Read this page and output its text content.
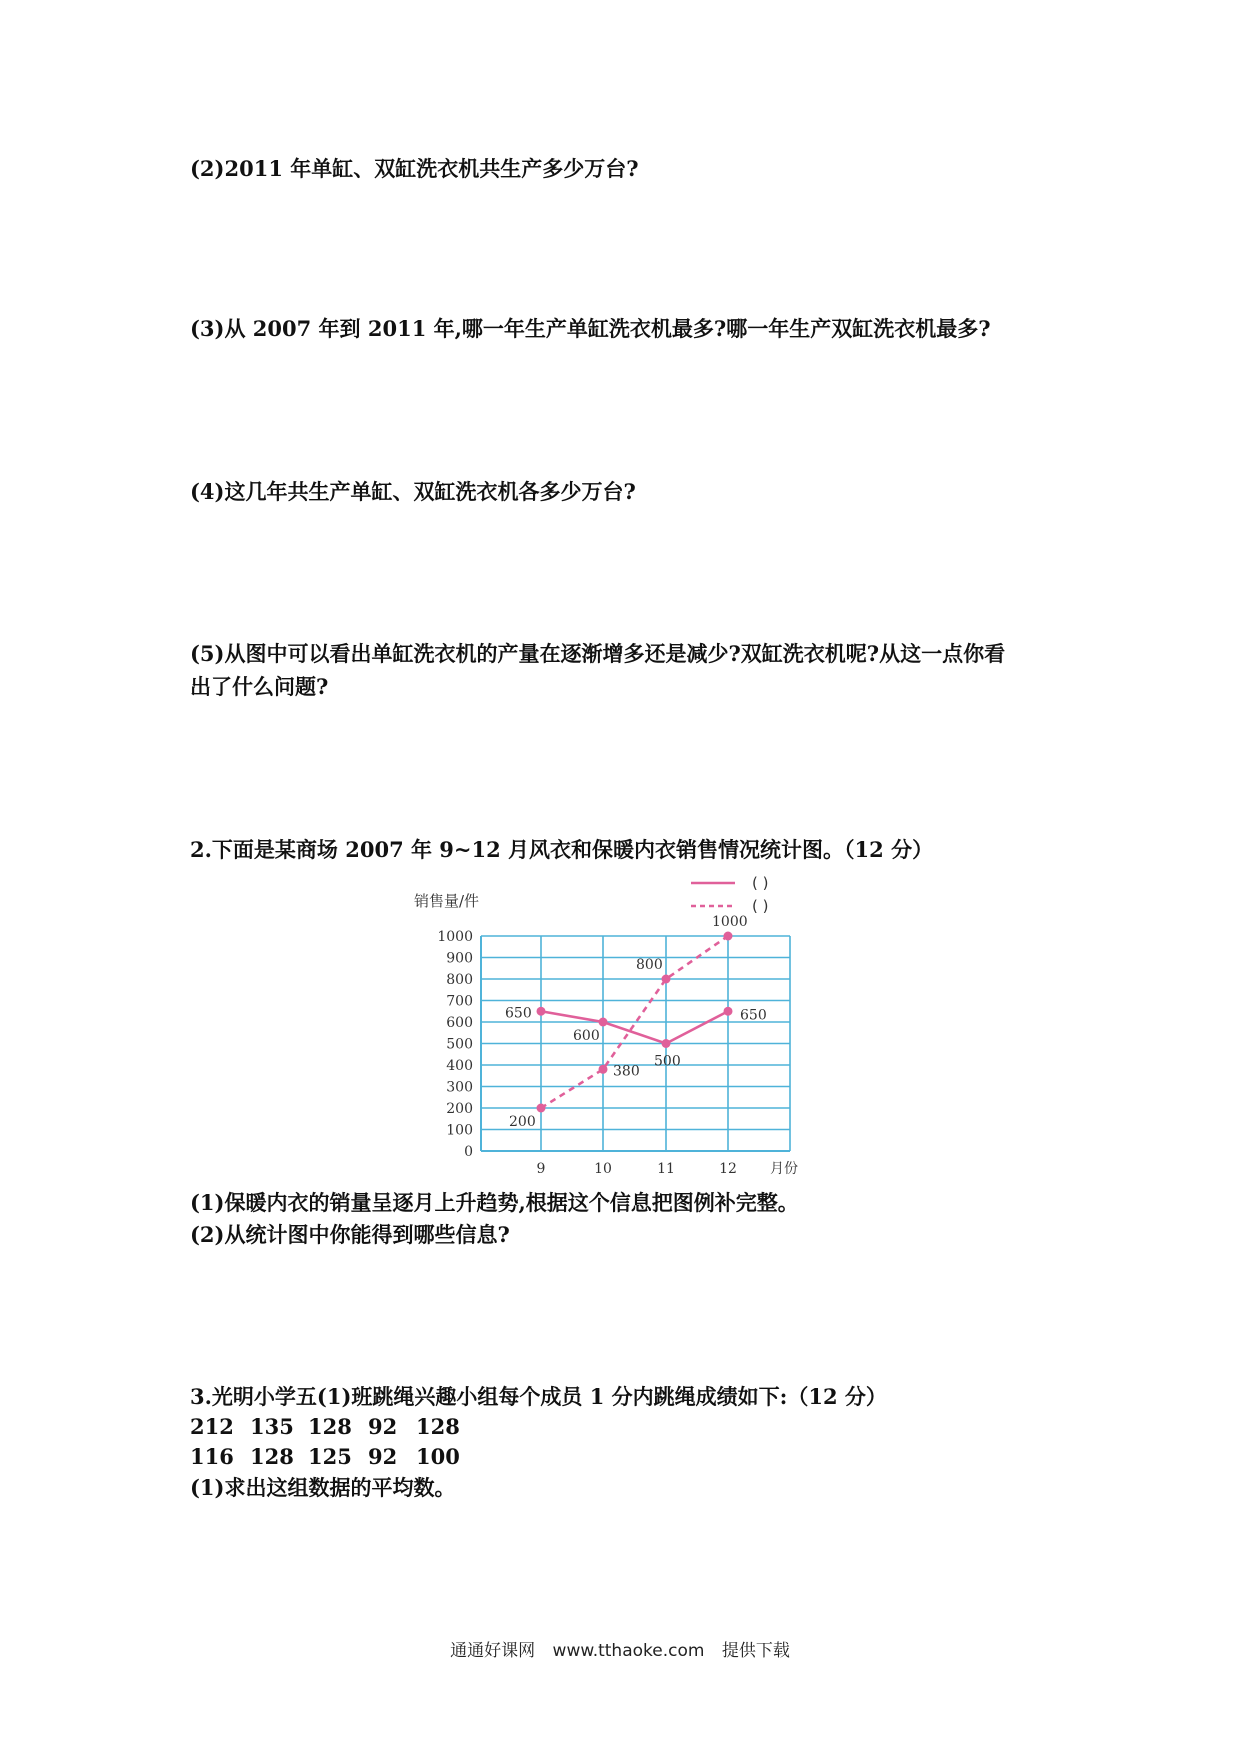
(2)2011 年单缸、双缸洗衣机共生产多少万台?
(3)从 2007 年到 2011 年,哪一年生产单缸洗衣机最多?哪一年生产双缸洗衣机最多?
(4)这几年共生产单缸、双缸洗衣机各多少万台?
(5)从图中可以看出单缸洗衣机的产量在逐渐增多还是减少?双缸洗衣机呢?从这一点你看
出了什么问题?
2.下面是某商场 2007 年 9~12 月风衣和保暖内衣销售情况统计图。（12 分）
0
100
200
300
400
500
600
700
800
900
1000
9	10	11	12 月份
销售量/件
650
600
500
650
200
380
800
1000
( )
( )
(1)保暖内衣的销量呈逐月上升趋势,根据这个信息把图例补完整。
(2)从统计图中你能得到哪些信息?
3.光明小学五(1)班跳绳兴趣小组每个成员 1 分内跳绳成绩如下:（12 分）
212 135 128 92 128
116 128 125 92 100
(1)求出这组数据的平均数。
通通好课网 www.tthaoke.com 提供下载
